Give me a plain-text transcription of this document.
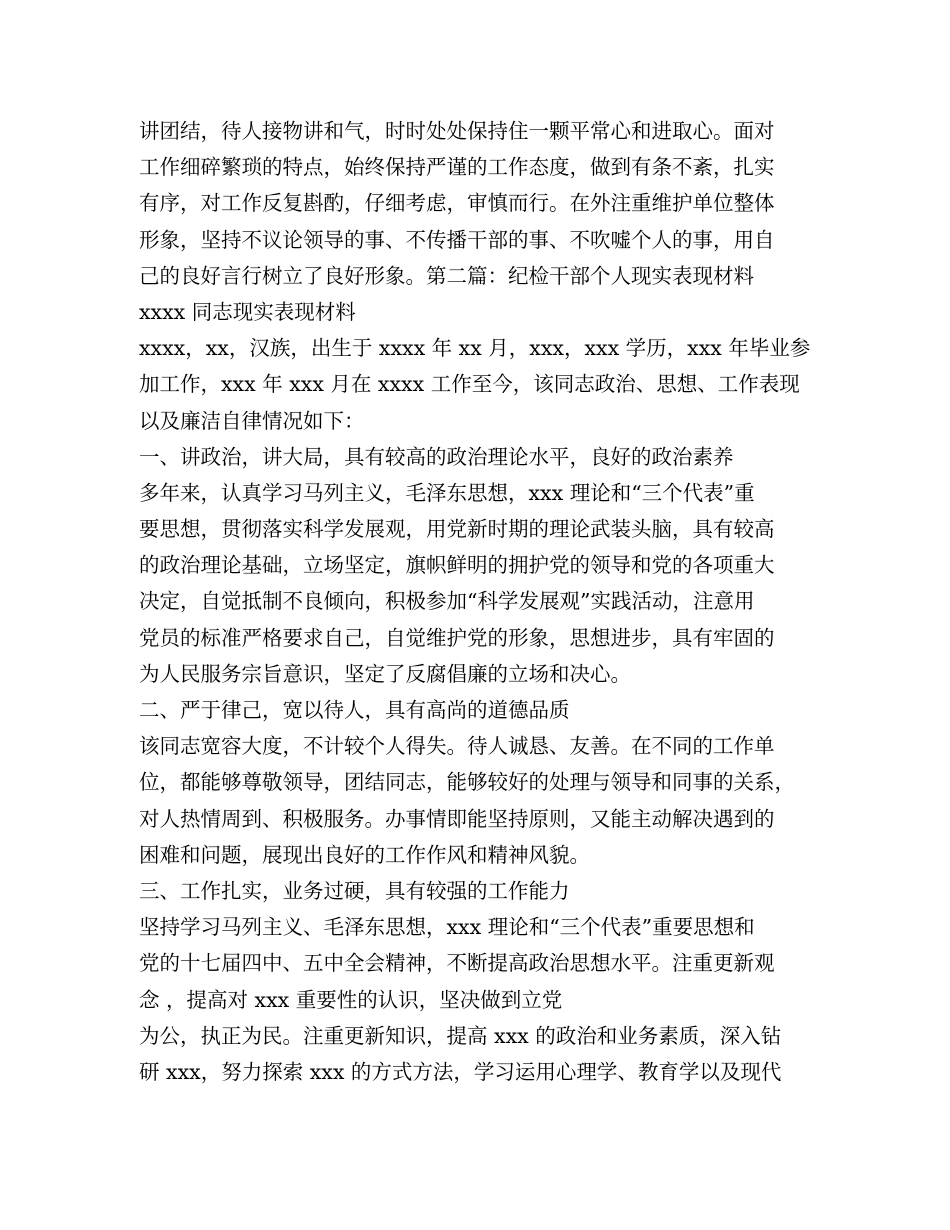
讲团结，待人接物讲和气，时时处处保持住一颗平常心和进取心。面对
工作细碎繁琐的特点，始终保持严谨的工作态度，做到有条不紊，扎实
有序，对工作反复斟酌，仔细考虑，审慎而行。在外注重维护单位整体
形象，坚持不议论领导的事、不传播干部的事、不吹嘘个人的事，用自
己的良好言行树立了良好形象。第二篇：纪检干部个人现实表现材料
xxxx 同志现实表现材料
xxxx，xx，汉族，出生于 xxxx 年 xx 月，xxx，xxx 学历，xxx 年毕业参
加工作，xxx 年 xxx 月在 xxxx 工作至今，该同志政治、思想、工作表现
以及廉洁自律情况如下：
一、讲政治，讲大局，具有较高的政治理论水平，良好的政治素养
多年来，认真学习马列主义，毛泽东思想，xxx 理论和“三个代表”重
要思想，贯彻落实科学发展观，用党新时期的理论武装头脑，具有较高
的政治理论基础，立场坚定，旗帜鲜明的拥护党的领导和党的各项重大
决定，自觉抵制不良倾向，积极参加“科学发展观”实践活动，注意用
党员的标准严格要求自己，自觉维护党的形象，思想进步，具有牢固的
为人民服务宗旨意识，坚定了反腐倡廉的立场和决心。
二、严于律己，宽以待人，具有高尚的道德品质
该同志宽容大度，不计较个人得失。待人诚恳、友善。在不同的工作单
位，都能够尊敬领导，团结同志，能够较好的处理与领导和同事的关系，
对人热情周到、积极服务。办事情即能坚持原则，又能主动解决遇到的
困难和问题，展现出良好的工作作风和精神风貌。
三、工作扎实，业务过硬，具有较强的工作能力
坚持学习马列主义、毛泽东思想，xxx 理论和“三个代表”重要思想和
党的十七届四中、五中全会精神，不断提高政治思想水平。注重更新观
念 ，提高对 xxx 重要性的认识，坚决做到立党
为公，执正为民。注重更新知识，提高 xxx 的政治和业务素质，深入钻
研 xxx，努力探索 xxx 的方式方法，学习运用心理学、教育学以及现代
